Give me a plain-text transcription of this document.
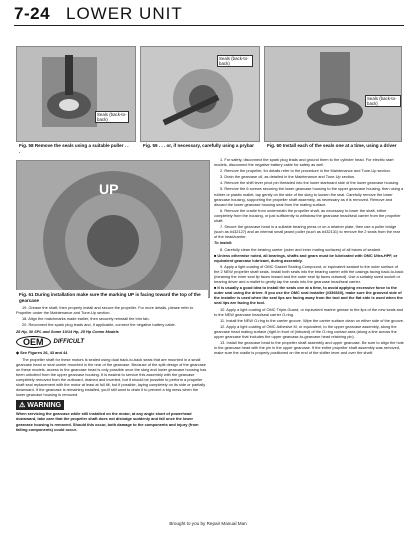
7-24 LOWER UNIT
Seals (back-to-back)
Fig. 58 Remove the seals using a suitable puller . . .
Seals (back-to-back)
Fig. 59 . . . or, if necessary, carefully using a prybar
Seals (back-to-back)
Fig. 60 Install each of the seals one at a time, using a driver
UP
Fig. 61 During installation make sure the marking UP is facing toward the top of the gearcase

19. Grease the shaft, then properly install and secure the propeller. For more details, please refer to Propeller under the Maintenance and Tune-Up section.

18. Align the matchmarks made earlier, then securely reinstall the trim tab.

20. Reconnect the spark plug leads and, if applicable, connect the negative battery cable.

28 Hp, 30 SPL and Some 10/14 Hp, 25 Hp Comm Models

OEM	DIFFICULT

◆ See Figures 26, 43 and 44

The propeller shaft for these motors is sealed using dual back-to-back seals that are mounted in a small gearcase head or seal carrier mounted in the rear of the gearcase. Because of the split design of the gearcase on these models, access to the gearcase head is only possible once the skeg and lower gearcase housing has been unbolted from the upper gearcase housing. It is easiest to service this assembly with the gearcase completely removed from the outboard, drained and inverted, but it should be possible to perform a propeller shaft seal replacement with the motor at least at full tilt, but if possible, laying completely on its side or partially downward. If the gearcase is remaining installed, you'll still want to drain it to prevent a big mess when the lower gearcase housing is removed.

⚠ WARNING

When servicing the gearcase while still installed on the motor, at any angle short of powerhead downward, take care that the propeller shaft does not dislodge suddenly and fall once the lower gearcase housing is removed. Should this occur, both damage to the components and injury (from falling components) could occur.

1. For safety, disconnect the spark plug leads and ground them to the cylinder head. For electric start models, disconnect the negative battery cable for safety as well.

2. Remove the propeller, for details refer to the procedure in the Maintenance and Tune-Up section.

3. Drain the gearcase oil, as detailed in the Maintenance and Tune-Up section.

4. Remove the shift lever pivot pin threaded into the lower starboard side of the lower gearcase housing.

5. Remove the 6 screws securing the lower gearcase housing to the upper gearcase housing, then using a rubber or plastic mallet, tap gently on the side of the skeg to loosen the seal. Carefully remove the lower gearcase housing, supporting the propeller shaft assembly, as necessary as it is removed. Remove and discard the lower gearcase housing seal from the mating surface.

6. Remove the cradle from underneath the propeller shaft, as necessary to lower the shaft, either completely from the housing, or just sufficiently to withdraw the gearcase head/seal carrier from the propeller shaft.

7. Secure the gearcase head in a suitable bearing press or on a retainer plate, then use a puller bridge (such as #432127) and an internal small jawed puller (such as #432131) to remove the 2 seals from the rear of the head/carrier.

To install:

8. Carefully clean the bearing carrier (outer and inner mating surfaces) of all traces of sealant.

■ Unless otherwise noted, all bearings, shafts and gears must be lubricated with OMC Ultra-HPF, or equivalent gearcase lubricant, during assembly.

9. Apply a light coating of OMC Gasket Sealing Compound, or equivalent sealant to the outer surface of the 2 NEW propeller shaft seals. Install both seals into the bearing carrier with the casings facing back-to-back (meaning the inner seal lip faces inward and the outer seal lip faces outward). Use a suitably sized socket or bearing driver and a mallet to gently tap the seals into the gearcase head/seal carrier.

■ It is usually a good idea to install the seals one at a time, to avoid applying excessive force to the outer seal using the driver. If you use the OMC seal installer (#336660), make sure the grooved side of the installer is used when the seal lips are facing away from the tool and the flat side is used when the seal lips are facing the tool.

10. Apply a light coating of OMC Triple-Guard, or equivalent marine grease to the lips of the new seals and to the NEW gearcase head/seal carrier O-ring.

11. Install the NEW O-ring to the carrier groove. Wipe the carrier surface clean on either side of the groove.

12. Apply a light coating of OMC Adhesive M, or equivalent, to the upper gearcase assembly, along the gearcase head mating surface (right in front of (inboard) of the O-ring contact area (along a line across the upper gearcase that includes the upper gearcase-to-gearcase head retaining pin).

13. Install the gearcase head to the propeller shaft assembly and upper gearcase. Be sure to align the hole in the gearcase head with the pin in the upper gearcase. If the entire propeller shaft assembly was removed, make sure the cradle is properly positioned on the end of the shifter lever and over the shaft.

Brought to you by Repair Manual Man
